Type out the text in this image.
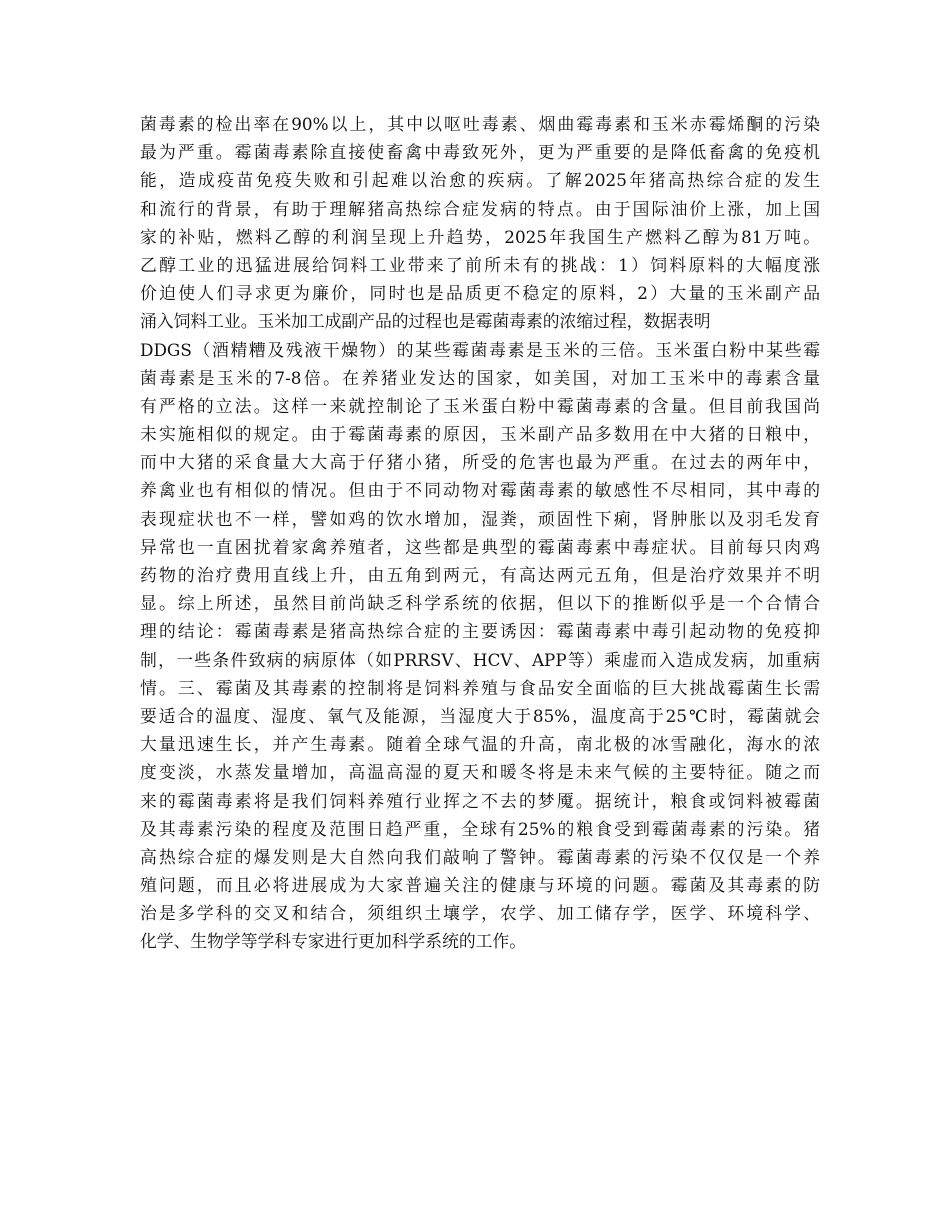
菌毒素的检出率在90%以上，其中以呕吐毒素、烟曲霉毒素和玉米赤霉烯酮的污染
最为严重。霉菌毒素除直接使畜禽中毒致死外，更为严重要的是降低畜禽的免疫机
能，造成疫苗免疫失败和引起难以治愈的疾病。了解2025年猪高热综合症的发生
和流行的背景，有助于理解猪高热综合症发病的特点。由于国际油价上涨，加上国
家的补贴，燃料乙醇的利润呈现上升趋势，2025年我国生产燃料乙醇为81万吨。
乙醇工业的迅猛进展给饲料工业带来了前所未有的挑战：1）饲料原料的大幅度涨
价迫使人们寻求更为廉价，同时也是品质更不稳定的原料，2）大量的玉米副产品
涌入饲料工业。玉米加工成副产品的过程也是霉菌毒素的浓缩过程，数据表明
DDGS（酒精糟及残液干燥物）的某些霉菌毒素是玉米的三倍。玉米蛋白粉中某些霉
菌毒素是玉米的7-8倍。在养猪业发达的国家，如美国，对加工玉米中的毒素含量
有严格的立法。这样一来就控制论了玉米蛋白粉中霉菌毒素的含量。但目前我国尚
未实施相似的规定。由于霉菌毒素的原因，玉米副产品多数用在中大猪的日粮中，
而中大猪的采食量大大高于仔猪小猪，所受的危害也最为严重。在过去的两年中，
养禽业也有相似的情况。但由于不同动物对霉菌毒素的敏感性不尽相同，其中毒的
表现症状也不一样，譬如鸡的饮水增加，湿粪，顽固性下痢，肾肿胀以及羽毛发育
异常也一直困扰着家禽养殖者，这些都是典型的霉菌毒素中毒症状。目前每只肉鸡
药物的治疗费用直线上升，由五角到两元，有高达两元五角，但是治疗效果并不明
显。综上所述，虽然目前尚缺乏科学系统的依据，但以下的推断似乎是一个合情合
理的结论：霉菌毒素是猪高热综合症的主要诱因：霉菌毒素中毒引起动物的免疫抑
制，一些条件致病的病原体（如PRRSV、HCV、APP等）乘虚而入造成发病，加重病
情。三、霉菌及其毒素的控制将是饲料养殖与食品安全面临的巨大挑战霉菌生长需
要适合的温度、湿度、氧气及能源，当湿度大于85%，温度高于25℃时，霉菌就会
大量迅速生长，并产生毒素。随着全球气温的升高，南北极的冰雪融化，海水的浓
度变淡，水蒸发量增加，高温高湿的夏天和暖冬将是未来气候的主要特征。随之而
来的霉菌毒素将是我们饲料养殖行业挥之不去的梦魇。据统计，粮食或饲料被霉菌
及其毒素污染的程度及范围日趋严重，全球有25%的粮食受到霉菌毒素的污染。猪
高热综合症的爆发则是大自然向我们敲响了警钟。霉菌毒素的污染不仅仅是一个养
殖问题，而且必将进展成为大家普遍关注的健康与环境的问题。霉菌及其毒素的防
治是多学科的交叉和结合，须组织土壤学，农学、加工储存学，医学、环境科学、
化学、生物学等学科专家进行更加科学系统的工作。
